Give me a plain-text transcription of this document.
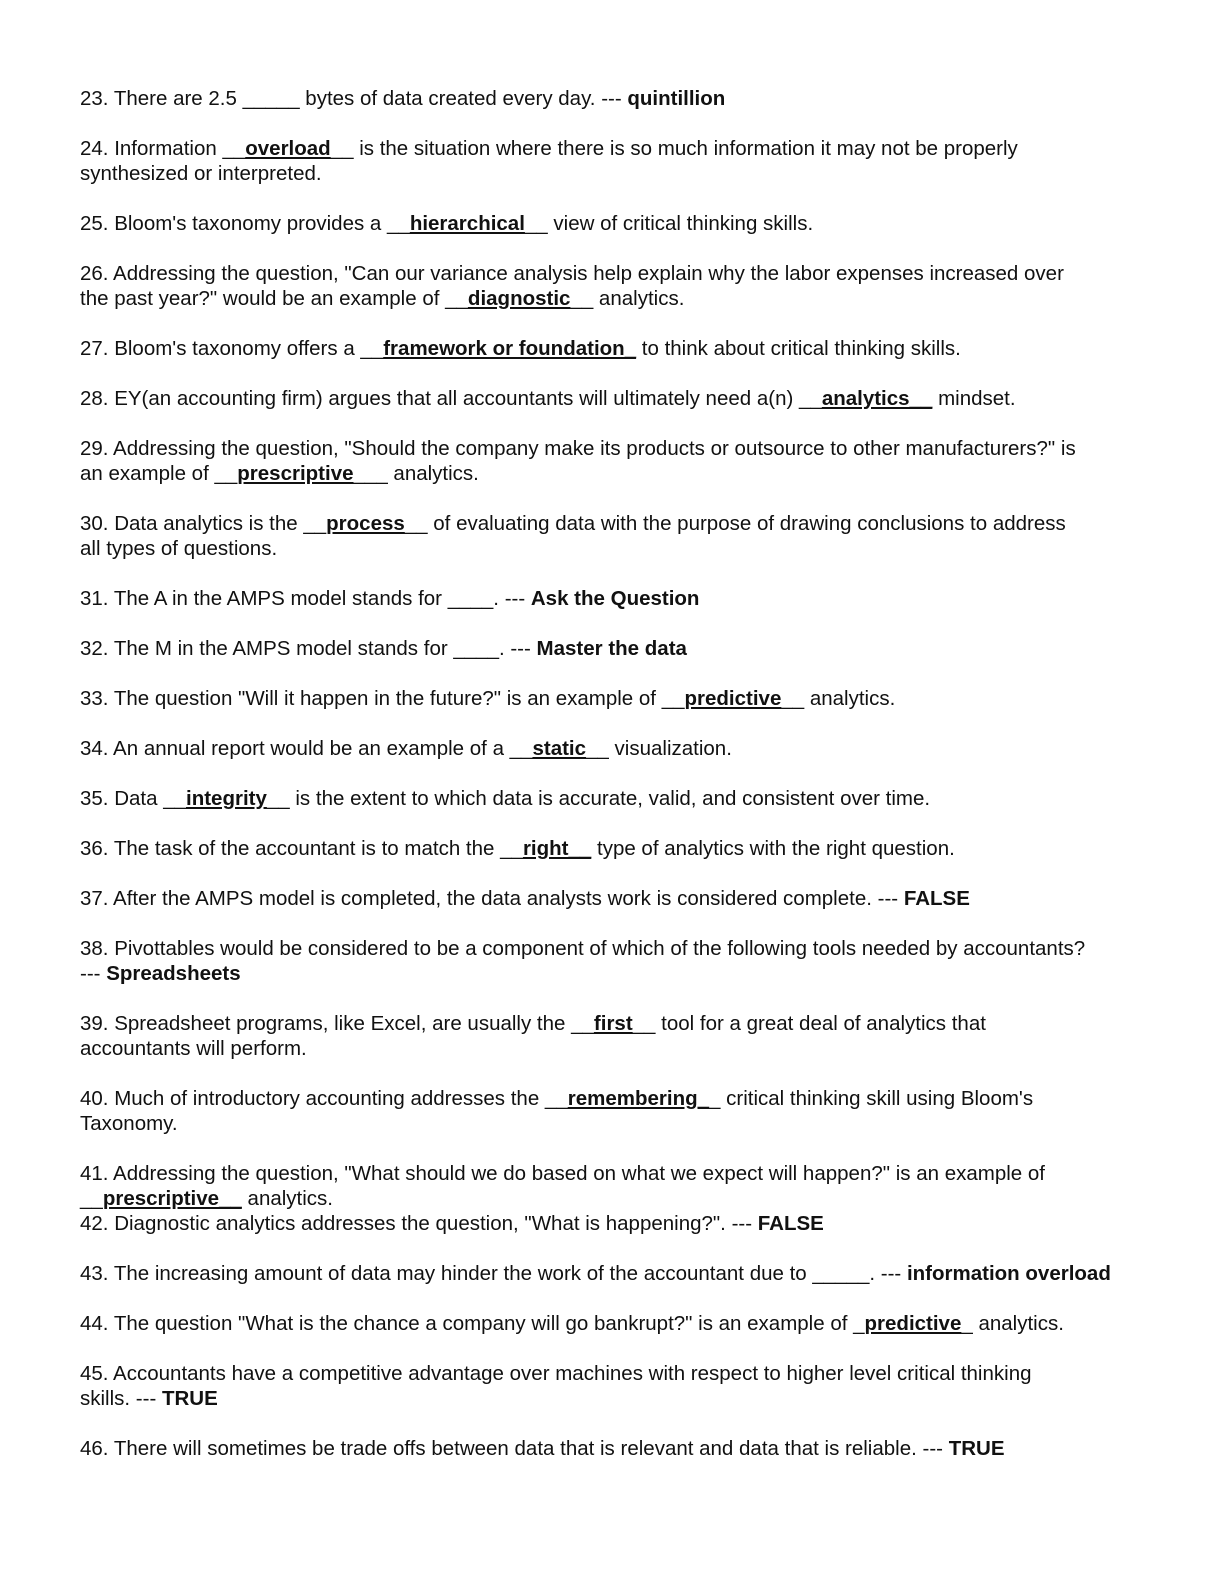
23. There are 2.5 _____ bytes of data created every day. --- quintillion
24. Information __overload__ is the situation where there is so much information it may not be properly
synthesized or interpreted.
25. Bloom's taxonomy provides a __hierarchical__ view of critical thinking skills.
26. Addressing the question, "Can our variance analysis help explain why the labor expenses increased over
the past year?" would be an example of __diagnostic__ analytics.
27. Bloom's taxonomy offers a __framework or foundation_ to think about critical thinking skills.
28. EY(an accounting firm) argues that all accountants will ultimately need a(n) __analytics__ mindset.
29. Addressing the question, "Should the company make its products or outsource to other manufacturers?" is
an example of __prescriptive___ analytics.
30. Data analytics is the __process__ of evaluating data with the purpose of drawing conclusions to address
all types of questions.
31. The A in the AMPS model stands for ____. --- Ask the Question
32. The M in the AMPS model stands for ____. --- Master the data
33. The question "Will it happen in the future?" is an example of __predictive__ analytics.
34. An annual report would be an example of a __static__ visualization.
35. Data __integrity__ is the extent to which data is accurate, valid, and consistent over time.
36. The task of the accountant is to match the __right__ type of analytics with the right question.
37. After the AMPS model is completed, the data analysts work is considered complete. --- FALSE
38. Pivottables would be considered to be a component of which of the following tools needed by accountants?
--- Spreadsheets
39. Spreadsheet programs, like Excel, are usually the __first__ tool for a great deal of analytics that
accountants will perform.
40. Much of introductory accounting addresses the __remembering__ critical thinking skill using Bloom's
Taxonomy.
41. Addressing the question, "What should we do based on what we expect will happen?" is an example of
__prescriptive__ analytics.
42. Diagnostic analytics addresses the question, "What is happening?". --- FALSE
43. The increasing amount of data may hinder the work of the accountant due to _____. --- information overload
44. The question "What is the chance a company will go bankrupt?" is an example of _predictive_ analytics.
45. Accountants have a competitive advantage over machines with respect to higher level critical thinking
skills. --- TRUE
46. There will sometimes be trade offs between data that is relevant and data that is reliable. --- TRUE
